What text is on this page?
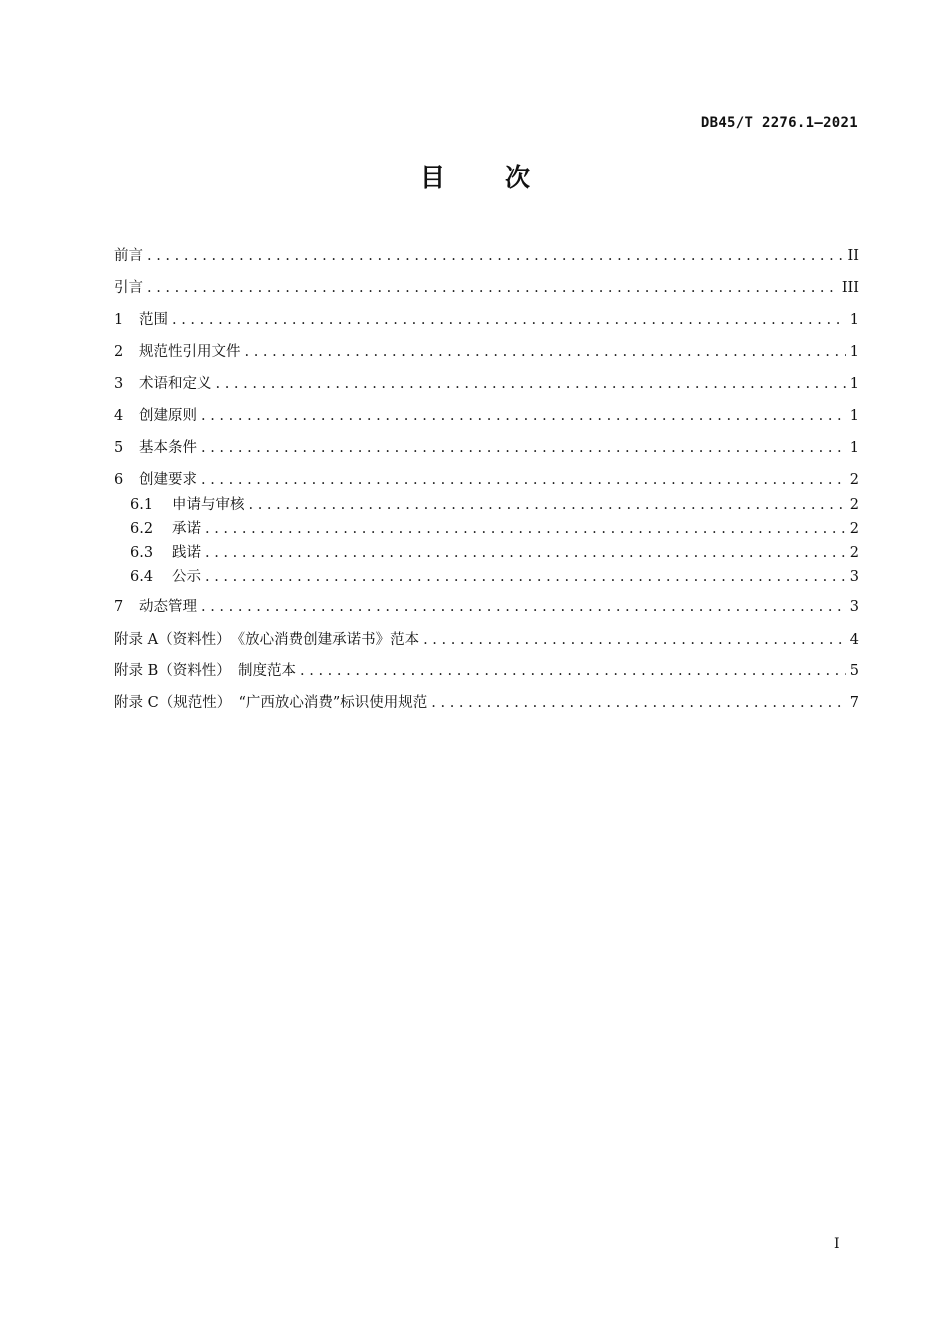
DB45/T 2276.1—2021
目 次
前言 . . .	II
引言 . . .	III
1	范围 . . .	1
2	规范性引用文件 . . .	1
3	术语和定义 . . .	1
4	创建原则 . . .	1
5	基本条件 . . .	1
6	创建要求 . . .	2
6.1	申请与审核 . . .	2
6.2	承诺 . . .	2
6.3	践诺 . . .	2
6.4	公示 . . .	3
7	动态管理 . . .	3
附录 A（资料性）　《放心消费创建承诺书》范本 . . .	4
附录 B（资料性）　制度范本 . . .	5
附录 C（规范性）　“广西放心消费”标识使用规范 . . .	7
I
